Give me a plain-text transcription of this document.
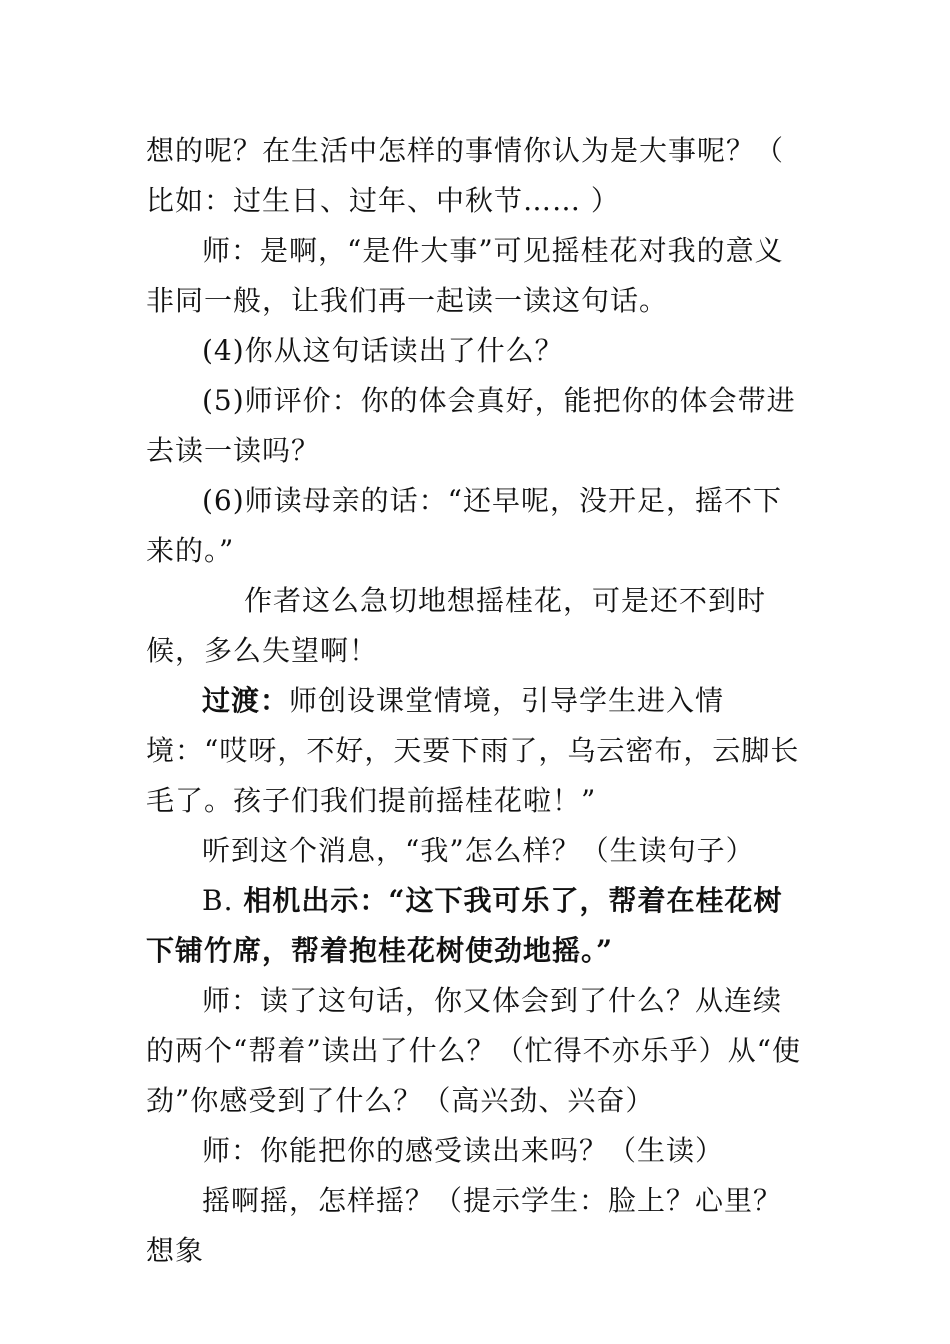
想的呢？在生活中怎样的事情你认为是大事呢？（
比如：过生日、过年、中秋节…… ）

师：是啊，“是件大事”可见摇桂花对我的意义非同一般，让我们再一起读一读这句话。

(4)你从这句话读出了什么？

(5)师评价：你的体会真好，能把你的体会带进去读一读吗？

(6)师读母亲的话：“还早呢，没开足，摇不下来的。”

作者这么急切地想摇桂花，可是还不到时候，多么失望啊！

过渡：师创设课堂情境，引导学生进入情境：“哎呀，不好，天要下雨了，乌云密布，云脚长毛了。孩子们我们提前摇桂花啦！”

听到这个消息，“我”怎么样？（生读句子）

B. 相机出示：“这下我可乐了，帮着在桂花树下铺竹席，帮着抱桂花树使劲地摇。”

师：读了这句话，你又体会到了什么？从连续的两个“帮着”读出了什么？（忙得不亦乐乎）从“使劲”你感受到了什么？（高兴劲、兴奋）

师：你能把你的感受读出来吗？（生读）

摇啊摇，怎样摇？（提示学生：脸上？心里？想象
